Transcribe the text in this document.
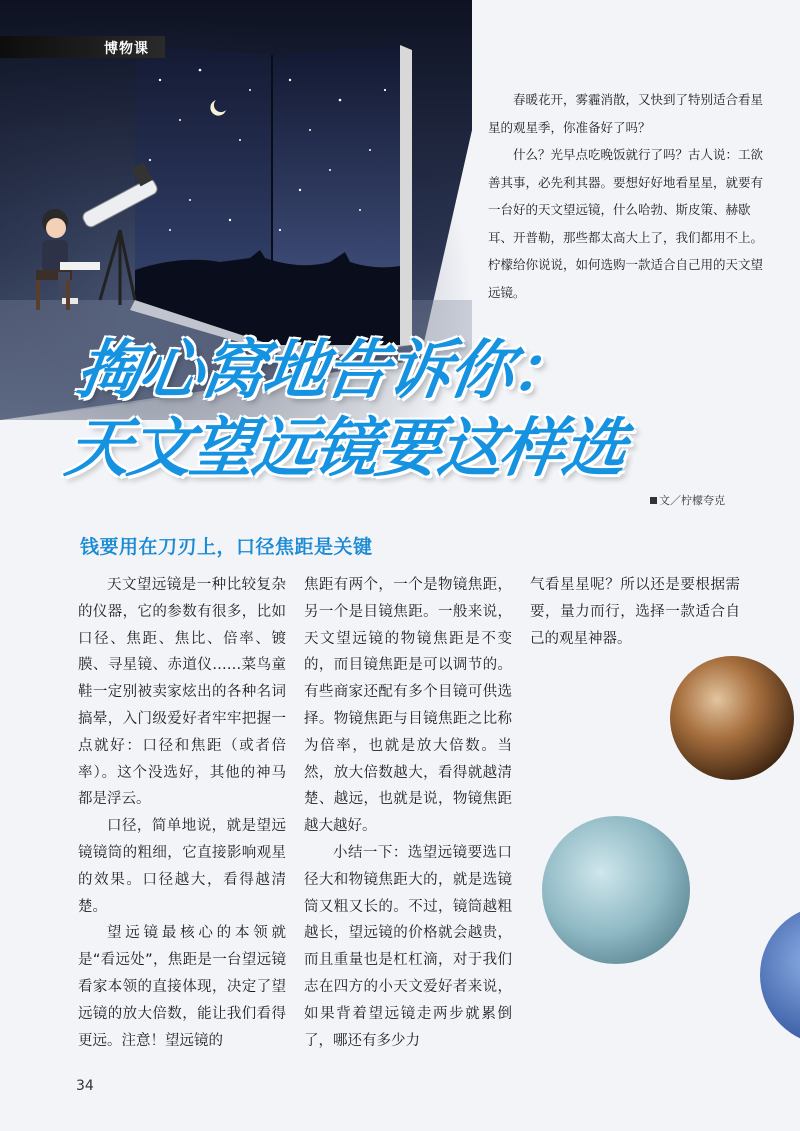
博物课

春暖花开，雾霾消散，又快到了特别适合看星星的观星季，你准备好了吗？

什么？光早点吃晚饭就行了吗？古人说：工欲善其事，必先利其器。要想好好地看星星，就要有一台好的天文望远镜，什么哈勃、斯皮策、赫歇耳、开普勒，那些都太高大上了，我们都用不上。柠檬给你说说，如何选购一款适合自己用的天文望远镜。

掏心窝地告诉你：
天文望远镜要这样选
文／柠檬夸克
钱要用在刀刃上，口径焦距是关键

天文望远镜是一种比较复杂的仪器，它的参数有很多，比如口径、焦距、焦比、倍率、镀膜、寻星镜、赤道仪……菜鸟童鞋一定别被卖家炫出的各种名词搞晕，入门级爱好者牢牢把握一点就好：口径和焦距（或者倍率）。这个没选好，其他的神马都是浮云。

口径，简单地说，就是望远镜镜筒的粗细，它直接影响观星的效果。口径越大，看得越清楚。

望远镜最核心的本领就是“看远处”，焦距是一台望远镜看家本领的直接体现，决定了望远镜的放大倍数，能让我们看得更远。注意！望远镜的

焦距有两个，一个是物镜焦距，另一个是目镜焦距。一般来说，天文望远镜的物镜焦距是不变的，而目镜焦距是可以调节的。有些商家还配有多个目镜可供选择。物镜焦距与目镜焦距之比称为倍率，也就是放大倍数。当然，放大倍数越大，看得就越清楚、越远，也就是说，物镜焦距越大越好。

小结一下：选望远镜要选口径大和物镜焦距大的，就是选镜筒又粗又长的。不过，镜筒越粗越长，望远镜的价格就会越贵，而且重量也是杠杠滴，对于我们志在四方的小天文爱好者来说，如果背着望远镜走两步就累倒了，哪还有多少力

气看星星呢？所以还是要根据需要，量力而行，选择一款适合自己的观星神器。

34
